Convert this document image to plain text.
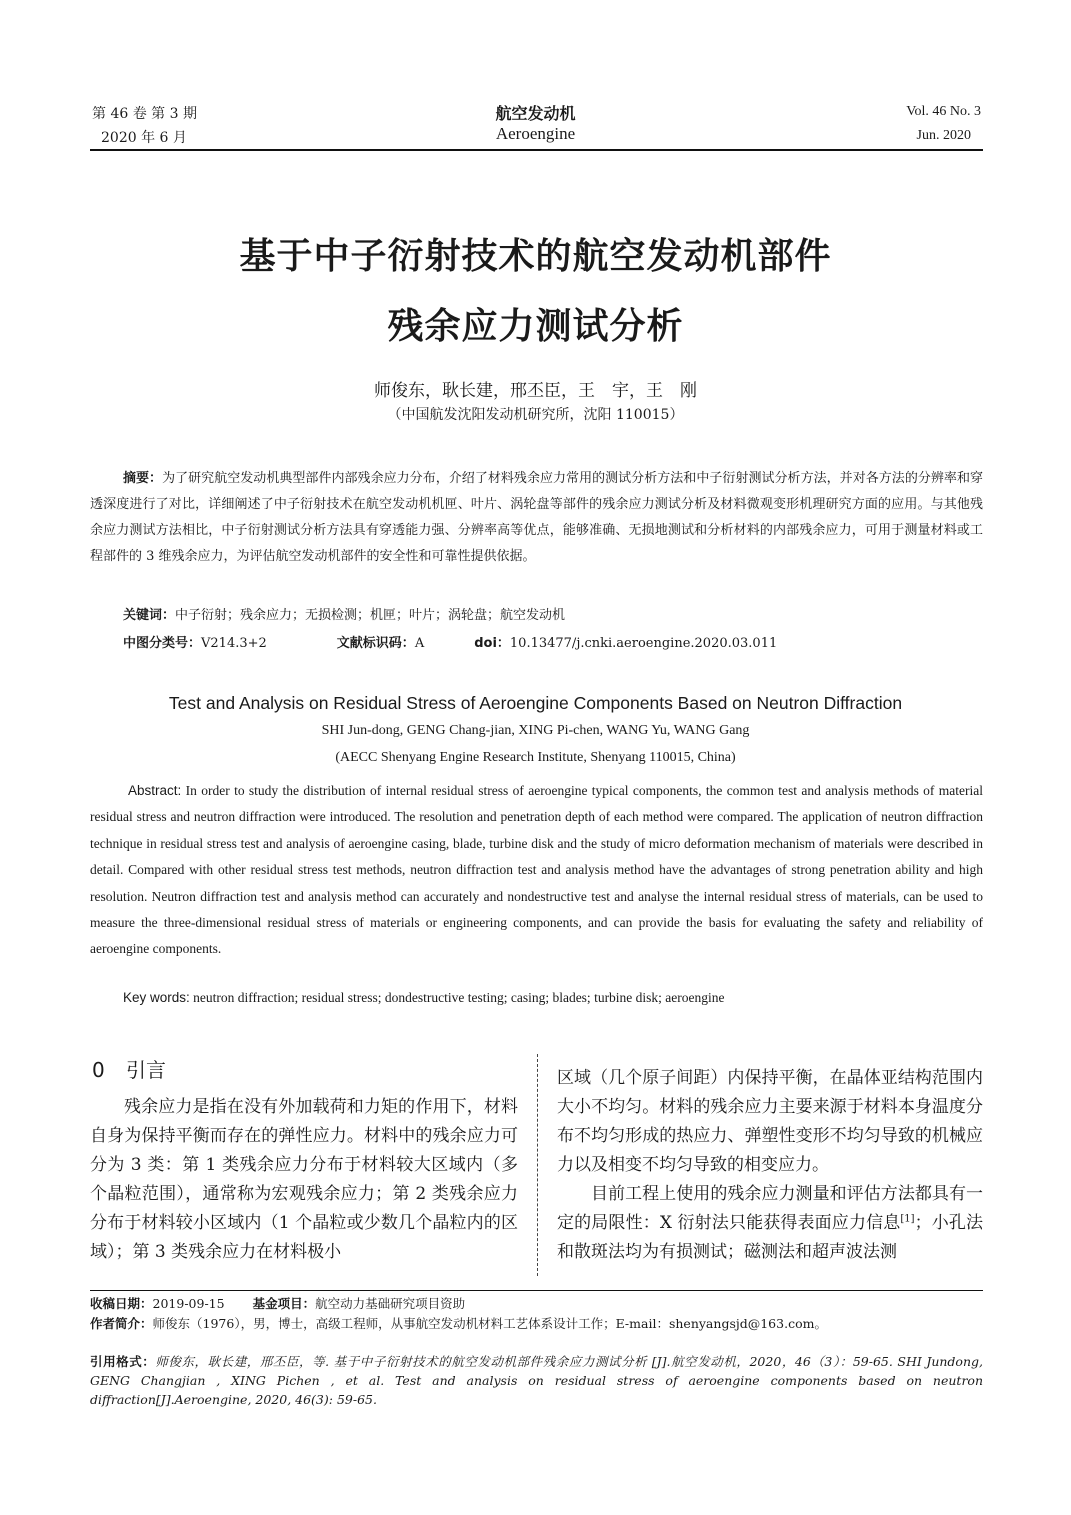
第 46 卷 第 3 期
2020 年 6 月
航空发动机
Aeroengine
Vol. 46 No. 3
Jun. 2020
基于中子衍射技术的航空发动机部件
残余应力测试分析
师俊东，耿长建，邢丕臣，王　宇，王　刚
（中国航发沈阳发动机研究所，沈阳 110015）
摘要：为了研究航空发动机典型部件内部残余应力分布，介绍了材料残余应力常用的测试分析方法和中子衍射测试分析方法，并对各方法的分辨率和穿透深度进行了对比，详细阐述了中子衍射技术在航空发动机机匣、叶片、涡轮盘等部件的残余应力测试分析及材料微观变形机理研究方面的应用。与其他残余应力测试方法相比，中子衍射测试分析方法具有穿透能力强、分辨率高等优点，能够准确、无损地测试和分析材料的内部残余应力，可用于测量材料或工程部件的 3 维残余应力，为评估航空发动机部件的安全性和可靠性提供依据。
关键词：中子衍射；残余应力；无损检测；机匣；叶片；涡轮盘；航空发动机
中图分类号：V214.3+2	文献标识码：A	doi：10.13477/j.cnki.aeroengine.2020.03.011
Test and Analysis on Residual Stress of Aeroengine Components Based on Neutron Diffraction
SHI Jun-dong, GENG Chang-jian, XING Pi-chen, WANG Yu, WANG Gang
(AECC Shenyang Engine Research Institute, Shenyang 110015, China)
Abstract: In order to study the distribution of internal residual stress of aeroengine typical components, the common test and analysis methods of material residual stress and neutron diffraction were introduced. The resolution and penetration depth of each method were compared. The application of neutron diffraction technique in residual stress test and analysis of aeroengine casing, blade, turbine disk and the study of micro deformation mechanism of materials were described in detail. Compared with other residual stress test methods, neutron diffraction test and analysis method have the advantages of strong penetration ability and high resolution. Neutron diffraction test and analysis method can accurately and nondestructive test and analyse the internal residual stress of materials, can be used to measure the three-dimensional residual stress of materials or engineering components, and can provide the basis for evaluating the safety and reliability of aeroengine components.
Key words: neutron diffraction; residual stress; dondestructive testing; casing; blades; turbine disk; aeroengine
0 引言
残余应力是指在没有外加载荷和力矩的作用下，材料自身为保持平衡而存在的弹性应力。材料中的残余应力可分为 3 类：第 1 类残余应力分布于材料较大区域内（多个晶粒范围），通常称为宏观残余应力；第 2 类残余应力分布于材料较小区域内（1 个晶粒或少数几个晶粒内的区域）；第 3 类残余应力在材料极小
区域（几个原子间距）内保持平衡，在晶体亚结构范围内大小不均匀。材料的残余应力主要来源于材料本身温度分布不均匀形成的热应力、弹塑性变形不均匀导致的机械应力以及相变不均匀导致的相变应力。
目前工程上使用的残余应力测量和评估方法都具有一定的局限性：X 衍射法只能获得表面应力信息[1]；小孔法和散斑法均为有损测试；磁测法和超声波法测
收稿日期：2019-09-15 基金项目：航空动力基础研究项目资助
作者简介：师俊东（1976），男，博士，高级工程师，从事航空发动机材料工艺体系设计工作；E-mail：shenyangsjd@163.com。
引用格式：师俊东，耿长建，邢丕臣，等. 基于中子衍射技术的航空发动机部件残余应力测试分析 [J].航空发动机，2020，46（3）：59-65. SHI Jundong, GENG Changjian , XING Pichen , et al. Test and analysis on residual stress of aeroengine components based on neutron diffraction[J].Aeroengine, 2020, 46(3): 59-65.
